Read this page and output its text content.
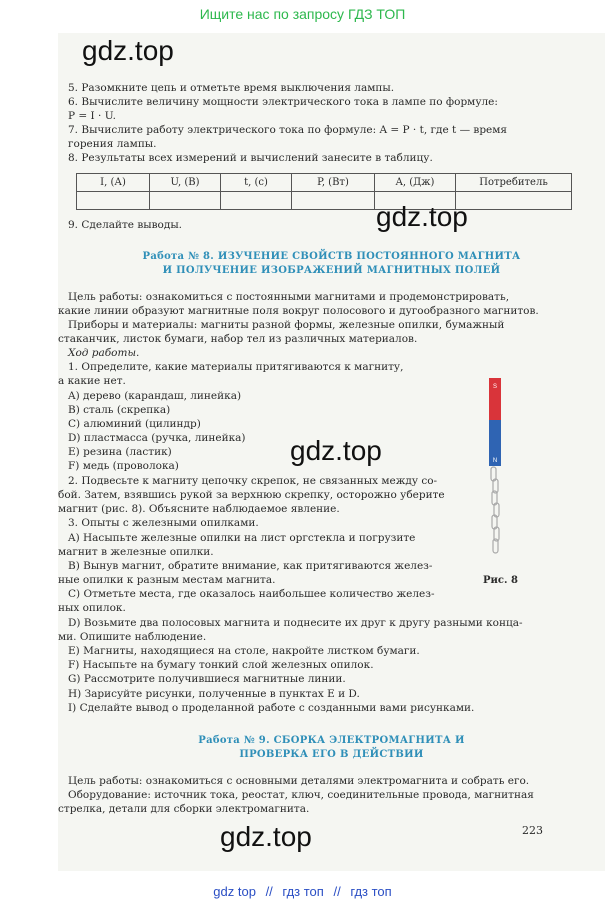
Ищите нас по запросу ГДЗ ТОП
gdz.top
5. Разомкните цепь и отметьте время выключения лампы.
6. Вычислите величину мощности электрического тока в лампе по формуле:
P = I · U.
7. Вычислите работу электрического тока по формуле: A = P · t, где t — время
горения лампы.
8. Результаты всех измерений и вычислений занесите в таблицу.
I, (А)	U, (В)	t, (с)	P, (Вт)	A, (Дж)	Потребитель

9. Сделайте выводы.	gdz.top
Работа № 8. ИЗУЧЕНИЕ СВОЙСТВ ПОСТОЯННОГО МАГНИТА
И ПОЛУЧЕНИЕ ИЗОБРАЖЕНИЙ МАГНИТНЫХ ПОЛЕЙ
Цель работы: ознакомиться с постоянными магнитами и продемонстрировать,
какие линии образуют магнитные поля вокруг полосового и дугообразного магнитов.
Приборы и материалы: магниты разной формы, железные опилки, бумажный
стаканчик, листок бумаги, набор тел из различных материалов.
Ход работы.
1. Определите, какие материалы притягиваются к магниту,
а какие нет.
A) дерево (карандаш, линейка)
B) сталь (скрепка)
C) алюминий (цилиндр)
D) пластмасса (ручка, линейка)
E) резина (ластик)
F) медь (проволока)	gdz.top
2. Подвесьте к магниту цепочку скрепок, не связанных между со-
бой. Затем, взявшись рукой за верхнюю скрепку, осторожно уберите
магнит (рис. 8). Объясните наблюдаемое явление.
3. Опыты с железными опилками.
A) Насыпьте железные опилки на лист оргстекла и погрузите
магнит в железные опилки.
B) Вынув магнит, обратите внимание, как притягиваются желез-
ные опилки к разным местам магнита.
C) Отметьте места, где оказалось наибольшее количество желез-
ных опилок.
D) Возьмите два полосовых магнита и поднесите их друг к другу разными конца-
ми. Опишите наблюдение.
E) Магниты, находящиеся на столе, накройте листком бумаги.
F) Насыпьте на бумагу тонкий слой железных опилок.
G) Рассмотрите получившиеся магнитные линии.
H) Зарисуйте рисунки, полученные в пунктах E и D.
I) Сделайте вывод о проделанной работе с созданными вами рисунками.
S
N
Рис. 8
Работа № 9. СБОРКА ЭЛЕКТРОМАГНИТА И
ПРОВЕРКА ЕГО В ДЕЙСТВИИ
Цель работы: ознакомиться с основными деталями электромагнита и собрать его.
Оборудование: источник тока, реостат, ключ, соединительные провода, магнитная
стрелка, детали для сборки электромагнита.
223
gdz.top
gdz top // гдз топ // гдз топ
